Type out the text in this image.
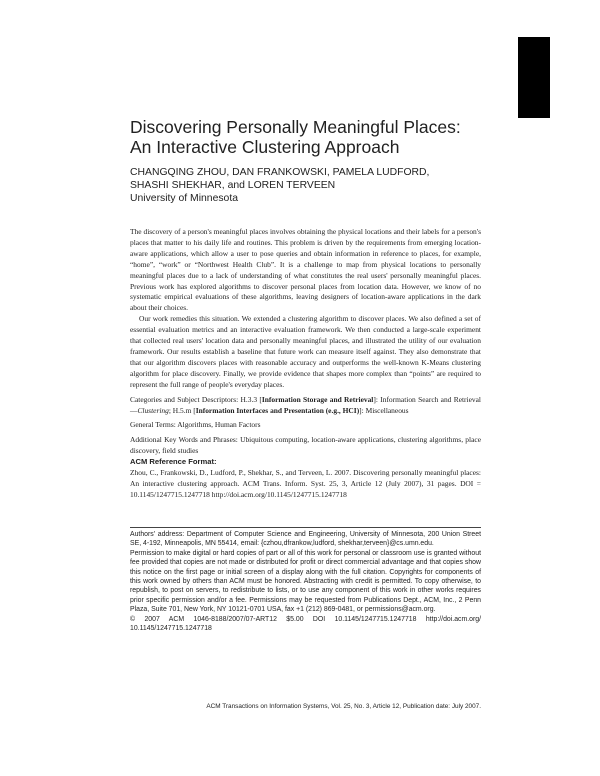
Discovering Personally Meaningful Places:
An Interactive Clustering Approach
CHANGQING ZHOU, DAN FRANKOWSKI, PAMELA LUDFORD,
SHASHI SHEKHAR, and LOREN TERVEEN
University of Minnesota

The discovery of a person's meaningful places involves obtaining the physical locations and their labels for a person's places that matter to his daily life and routines. This problem is driven by the requirements from emerging location-aware applications, which allow a user to pose queries and obtain information in reference to places, for example, “home”, “work” or “Northwest Health Club”. It is a challenge to map from physical locations to personally meaningful places due to a lack of understanding of what constitutes the real users' personally meaningful places. Previous work has explored algorithms to discover personal places from location data. However, we know of no systematic empirical evaluations of these algorithms, leaving designers of location-aware applications in the dark about their choices.

Our work remedies this situation. We extended a clustering algorithm to discover places. We also defined a set of essential evaluation metrics and an interactive evaluation framework. We then conducted a large-scale experiment that collected real users' location data and personally meaningful places, and illustrated the utility of our evaluation framework. Our results establish a baseline that future work can measure itself against. They also demonstrate that that our algorithm discovers places with reasonable accuracy and outperforms the well-known K-Means clustering algorithm for place discovery. Finally, we provide evidence that shapes more complex than “points” are required to represent the full range of people's everyday places.

Categories and Subject Descriptors: H.3.3 [Information Storage and Retrieval]: Information Search and Retrieval—Clustering; H.5.m [Information Interfaces and Presentation (e.g., HCI)]: Miscellaneous

General Terms: Algorithms, Human Factors

Additional Key Words and Phrases: Ubiquitous computing, location-aware applications, clustering algorithms, place discovery, field studies

ACM Reference Format:

Zhou, C., Frankowski, D., Ludford, P., Shekhar, S., and Terveen, L. 2007. Discovering personally meaningful places: An interactive clustering approach. ACM Trans. Inform. Syst. 25, 3, Article 12 (July 2007), 31 pages. DOI = 10.1145/1247715.1247718 http://doi.acm.org/10.1145/1247715.1247718

Authors' address: Department of Computer Science and Engineering, University of Minnesota, 200 Union Street SE, 4-192, Minneapolis, MN 55414, email: {czhou,dfrankow,ludford, shekhar,terveen}@cs.umn.edu.

Permission to make digital or hard copies of part or all of this work for personal or classroom use is granted without fee provided that copies are not made or distributed for profit or direct commercial advantage and that copies show this notice on the first page or initial screen of a display along with the full citation. Copyrights for components of this work owned by others than ACM must be honored. Abstracting with credit is permitted. To copy otherwise, to republish, to post on servers, to redistribute to lists, or to use any component of this work in other works requires prior specific permission and/or a fee. Permissions may be requested from Publications Dept., ACM, Inc., 2 Penn Plaza, Suite 701, New York, NY 10121-0701 USA, fax +1 (212) 869-0481, or permissions@acm.org.

© 2007 ACM 1046-8188/2007/07-ART12 $5.00 DOI 10.1145/1247715.1247718 http://doi.acm.org/ 10.1145/1247715.1247718

ACM Transactions on Information Systems, Vol. 25, No. 3, Article 12, Publication date: July 2007.
